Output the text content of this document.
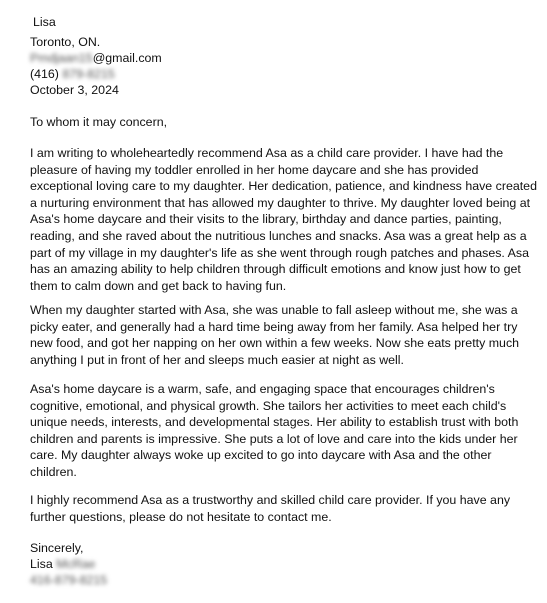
Lisa
Toronto, ON.
Pmdjaan15@gmail.com
(416) 879-8215
October 3, 2024
To whom it may concern,
I am writing to wholeheartedly recommend Asa as a child care provider. I have had the
pleasure of having my toddler enrolled in her home daycare and she has provided
exceptional loving care to my daughter. Her dedication, patience, and kindness have created
a nurturing environment that has allowed my daughter to thrive. My daughter loved being at
Asa's home daycare and their visits to the library, birthday and dance parties, painting,
reading, and she raved about the nutritious lunches and snacks. Asa was a great help as a
part of my village in my daughter's life as she went through rough patches and phases. Asa
has an amazing ability to help children through difficult emotions and know just how to get
them to calm down and get back to having fun.
When my daughter started with Asa, she was unable to fall asleep without me, she was a
picky eater, and generally had a hard time being away from her family. Asa helped her try
new food, and got her napping on her own within a few weeks. Now she eats pretty much
anything I put in front of her and sleeps much easier at night as well.
Asa's home daycare is a warm, safe, and engaging space that encourages children's
cognitive, emotional, and physical growth. She tailors her activities to meet each child's
unique needs, interests, and developmental stages. Her ability to establish trust with both
children and parents is impressive. She puts a lot of love and care into the kids under her
care. My daughter always woke up excited to go into daycare with Asa and the other
children.
I highly recommend Asa as a trustworthy and skilled child care provider. If you have any
further questions, please do not hesitate to contact me.
Sincerely,
Lisa McRae
416-879-8215
